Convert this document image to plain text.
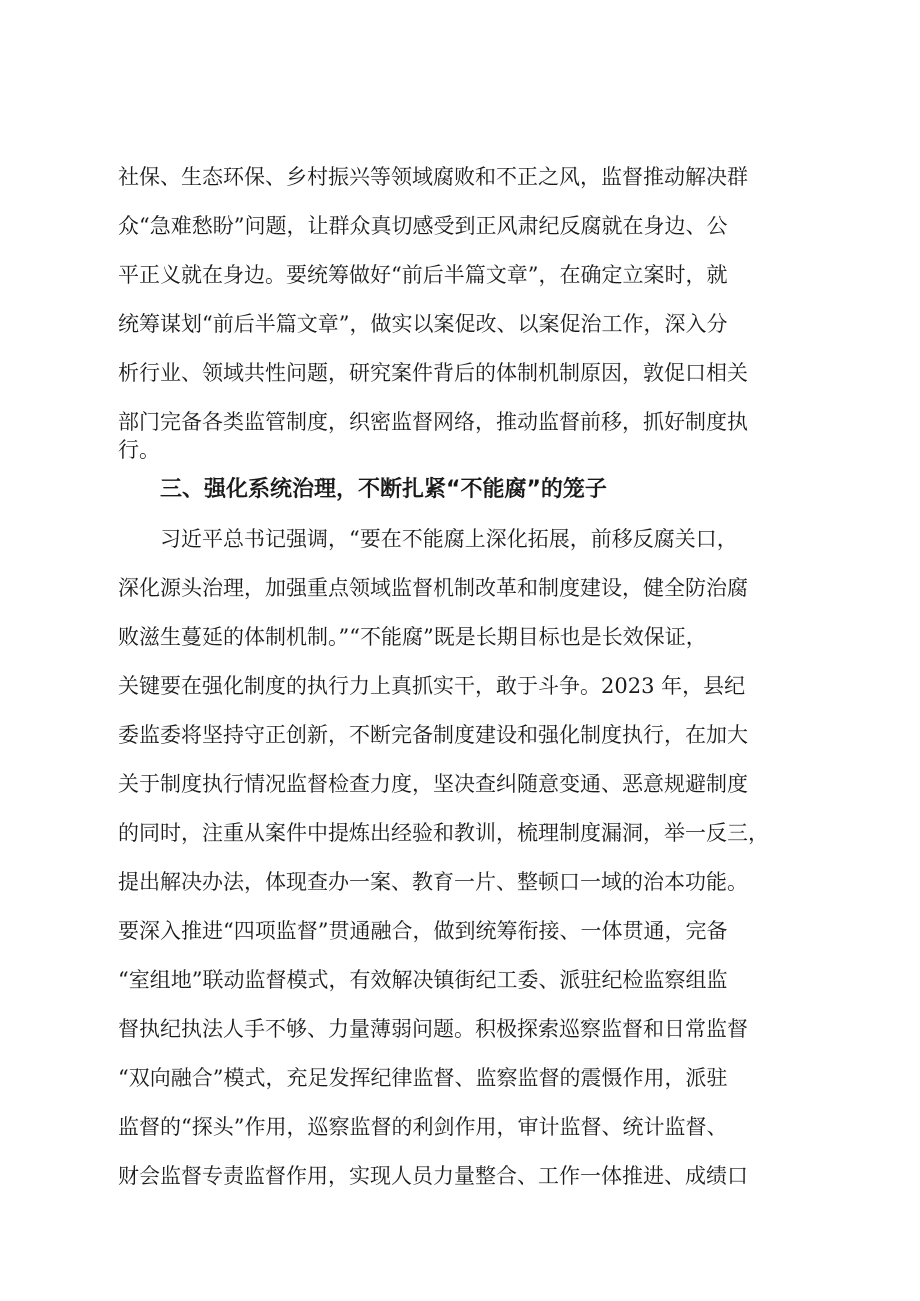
社保、生态环保、乡村振兴等领域腐败和不正之风，监督推动解决群
众“急难愁盼”问题，让群众真切感受到正风肃纪反腐就在身边、公
平正义就在身边。要统筹做好“前后半篇文章”，在确定立案时，就
统筹谋划“前后半篇文章”，做实以案促改、以案促治工作，深入分
析行业、领域共性问题，研究案件背后的体制机制原因，敦促口相关
部门完备各类监管制度，织密监督网络，推动监督前移，抓好制度执
行。
三、强化系统治理，不断扎紧“不能腐”的笼子
习近平总书记强调，“要在不能腐上深化拓展，前移反腐关口，
深化源头治理，加强重点领域监督机制改革和制度建设，健全防治腐
败滋生蔓延的体制机制。”“不能腐”既是长期目标也是长效保证，
关键要在强化制度的执行力上真抓实干，敢于斗争。2023 年，县纪
委监委将坚持守正创新，不断完备制度建设和强化制度执行，在加大
关于制度执行情况监督检查力度，坚决查纠随意变通、恶意规避制度
的同时，注重从案件中提炼出经验和教训，梳理制度漏洞，举一反三，
提出解决办法，体现查办一案、教育一片、整顿口一域的治本功能。
要深入推进“四项监督”贯通融合，做到统筹衔接、一体贯通，完备
“室组地”联动监督模式，有效解决镇街纪工委、派驻纪检监察组监
督执纪执法人手不够、力量薄弱问题。积极探索巡察监督和日常监督
“双向融合”模式，充足发挥纪律监督、监察监督的震慑作用，派驻
监督的“探头”作用，巡察监督的利剑作用，审计监督、统计监督、
财会监督专责监督作用，实现人员力量整合、工作一体推进、成绩口
